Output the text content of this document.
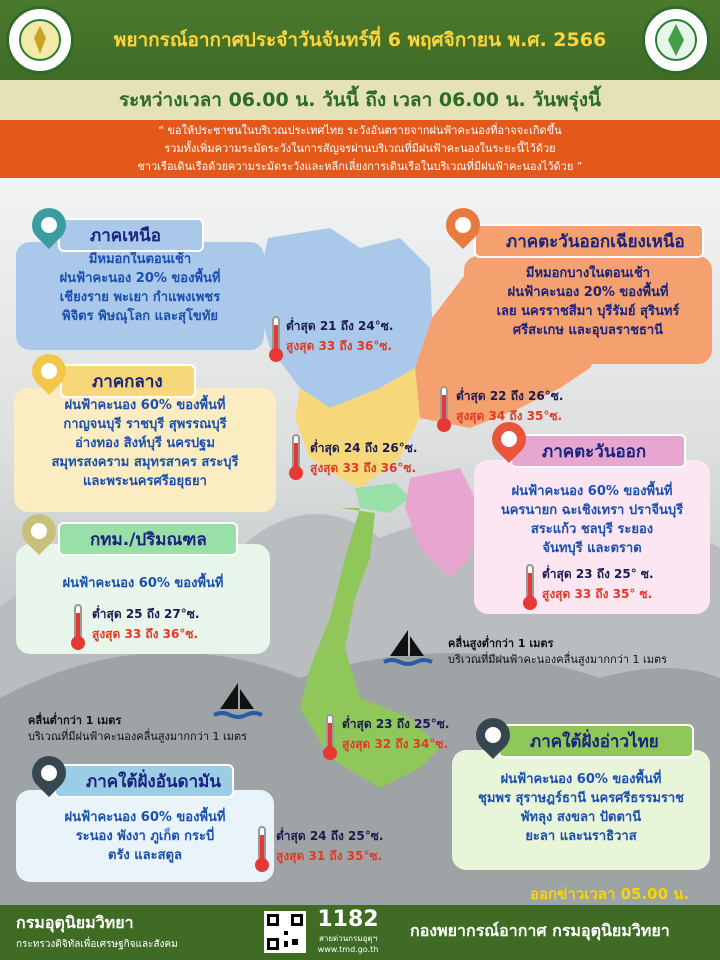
พยากรณ์อากาศประจำวันจันทร์ที่ 6 พฤศจิกายน พ.ศ. 2566
ระหว่างเวลา 06.00 น. วันนี้ ถึง เวลา 06.00 น. วันพรุ่งนี้
“ ขอให้ประชาชนในบริเวณประเทศไทย ระวังอันตรายจากฝนฟ้าคะนองที่อาจจะเกิดขึ้น
รวมทั้งเพิ่มความระมัดระวังในการสัญจรผ่านบริเวณที่มีฝนฟ้าคะนองในระยะนี้ไว้ด้วย
ชาวเรือเดินเรือด้วยความระมัดระวังและหลีกเลี่ยงการเดินเรือในบริเวณที่มีฝนฟ้าคะนองไว้ด้วย ”
คลื่นสูงต่ำกว่า 1 เมตร
บริเวณที่มีฝนฟ้าคะนองคลื่นสูงมากกว่า 1 เมตร
คลื่นต่ำกว่า 1 เมตร
บริเวณที่มีฝนฟ้าคะนองคลื่นสูงมากกว่า 1 เมตร
มีหมอกในตอนเช้า
ฝนฟ้าคะนอง 20% ของพื้นที่
เชียงราย พะเยา กำแพงเพชร
พิจิตร พิษณุโลก และสุโขทัย
ภาคเหนือ
ต่ำสุด 21 ถึง 24°ซ.
สูงสุด 33 ถึง 36°ซ.
มีหมอกบางในตอนเช้า
ฝนฟ้าคะนอง 20% ของพื้นที่
เลย นครราชสีมา บุรีรัมย์ สุรินทร์
ศรีสะเกษ และอุบลราชธานี
ภาคตะวันออกเฉียงเหนือ
ต่ำสุด 22 ถึง 26°ซ.
สูงสุด 34 ถึง 35°ซ.
ฝนฟ้าคะนอง 60% ของพื้นที่
กาญจนบุรี ราชบุรี สุพรรณบุรี
อ่างทอง สิงห์บุรี นครปฐม
สมุทรสงคราม สมุทรสาคร สระบุรี
และพระนครศรีอยุธยา
ภาคกลาง
ต่ำสุด 24 ถึง 26°ซ.
สูงสุด 33 ถึง 36°ซ.
ฝนฟ้าคะนอง 60% ของพื้นที่
นครนายก ฉะเชิงเทรา ปราจีนบุรี
สระแก้ว ชลบุรี ระยอง
จันทบุรี และตราด
ภาคตะวันออก
ต่ำสุด 23 ถึง 25° ซ.
สูงสุด 33 ถึง 35° ซ.
ฝนฟ้าคะนอง 60% ของพื้นที่
กทม./ปริมณฑล
ต่ำสุด 25 ถึง 27°ซ.
สูงสุด 33 ถึง 36°ซ.
ฝนฟ้าคะนอง 60% ของพื้นที่
ชุมพร สุราษฎร์ธานี นครศรีธรรมราช
พัทลุง สงขลา ปัตตานี
ยะลา และนราธิวาส
ภาคใต้ฝั่งอ่าวไทย
ต่ำสุด 23 ถึง 25°ซ.
สูงสุด 32 ถึง 34°ซ.
ฝนฟ้าคะนอง 60% ของพื้นที่
ระนอง พังงา ภูเก็ต กระบี่
ตรัง และสตูล
ภาคใต้ฝั่งอันดามัน
ต่ำสุด 24 ถึง 25°ซ.
สูงสุด 31 ถึง 35°ซ.
ออกข่าวเวลา 05.00 น.
กรมอุตุนิยมวิทยา
กระทรวงดิจิทัลเพื่อเศรษฐกิจและสังคม
1182
สายด่วนกรมอุตุฯ
www.tmd.go.th
กองพยากรณ์อากาศ กรมอุตุนิยมวิทยา
